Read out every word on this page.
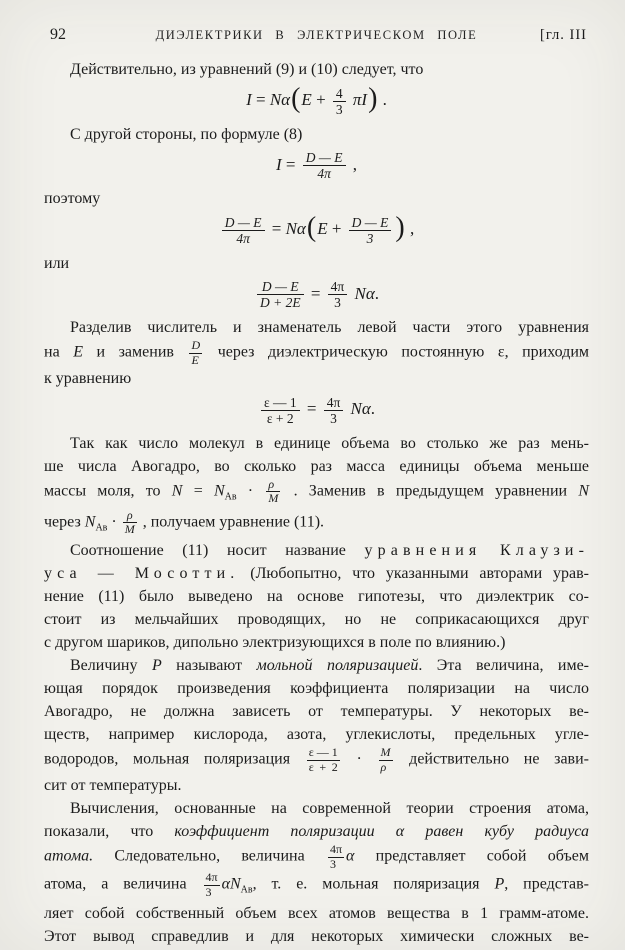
92	ДИЭЛЕКТРИКИ В ЭЛЕКТРИЧЕСКОМ ПОЛЕ	[гл. III
Действительно, из уравнений (9) и (10) следует, что
$I = N\alpha(E + \frac{4}{3} \pi I)$ .
С другой стороны, по формуле (8)
$I = \frac{D — E}{4\pi}$ ,
поэтому
$\frac{D — E}{4\pi} = N\alpha(E + \frac{D — E}{3}$ ) ,
или
$\frac{D — E}{D + 2E} = \frac{4\pi}{3} N\alpha$.
Разделив числитель и знаменатель левой части этого уравнения
на E и заменив $\frac{D}{E}$ через диэлектрическую постоянную ε, приходим
к уравнению
$\frac{\varepsilon — 1}{\varepsilon + 2} = \frac{4\pi}{3} N\alpha$.
Так как число молекул в единице объема во столько же раз мень-
ше числа Авогадро, во сколько раз масса единицы объема меньше
массы моля, то $N = N_{Ав} \cdot \frac{\rho}{M}$ . Заменив в предыдущем уравнении N
через $N_{Ав} \cdot \frac{\rho}{M}$ , получаем уравнение (11).
Соотношение (11) носит название уравнения Клаузи-
уса — Мосотти. (Любопытно, что указанными авторами урав-
нение (11) было выведено на основе гипотезы, что диэлектрик со-
стоит из мельчайших проводящих, но не соприкасающихся друг
с другом шариков, дипольно электризующихся в поле по влиянию.)
Величину P называют мольной поляризацией. Эта величина, име-
ющая порядок произведения коэффициента поляризации на число
Авогадро, не должна зависеть от температуры. У некоторых ве-
ществ, например кислорода, азота, углекислоты, предельных угле-
водородов, мольная поляризация $\frac{\varepsilon — 1}{\varepsilon + 2} \cdot \frac{M}{\rho}$ действительно не зави-
сит от температуры.
Вычисления, основанные на современной теории строения атома,
показали, что коэффициент поляризации α равен кубу радиуса
атома. Следовательно, величина $\frac{4\pi}{3}$ α представляет собой объем
атома, а величина $\frac{4\pi}{3} \alpha N_{Ав}$, т. е. мольная поляризация P, представ-
ляет собой собственный объем всех атомов вещества в 1 грамм-атоме.
Этот вывод справедлив и для некоторых химически сложных ве-
